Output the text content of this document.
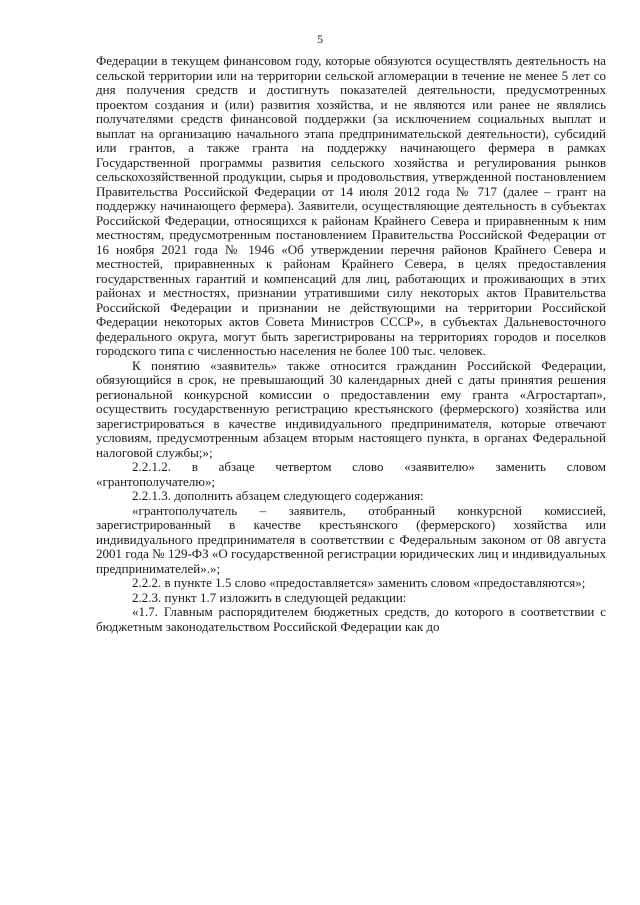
5

Федерации в текущем финансовом году, которые обязуются осуществлять деятельность на сельской территории или на территории сельской агломерации в течение не менее 5 лет со дня получения средств и достигнуть показателей деятельности, предусмотренных проектом создания и (или) развития хозяйства, и не являются или ранее не являлись получателями средств финансовой поддержки (за исключением социальных выплат и выплат на организацию начального этапа предпринимательской деятельности), субсидий или грантов, а также гранта на поддержку начинающего фермера в рамках Государственной программы развития сельского хозяйства и регулирования рынков сельскохозяйственной продукции, сырья и продовольствия, утвержденной постановлением Правительства Российской Федерации от 14 июля 2012 года № 717 (далее – грант на поддержку начинающего фермера). Заявители, осуществляющие деятельность в субъектах Российской Федерации, относящихся к районам Крайнего Севера и приравненным к ним местностям, предусмотренным постановлением Правительства Российской Федерации от 16 ноября 2021 года № 1946 «Об утверждении перечня районов Крайнего Севера и местностей, приравненных к районам Крайнего Севера, в целях предоставления государственных гарантий и компенсаций для лиц, работающих и проживающих в этих районах и местностях, признании утратившими силу некоторых актов Правительства Российской Федерации и признании не действующими на территории Российской Федерации некоторых актов Совета Министров СССР», в субъектах Дальневосточного федерального округа, могут быть зарегистрированы на территориях городов и поселков городского типа с численностью населения не более 100 тыс. человек.

К понятию «заявитель» также относится гражданин Российской Федерации, обязующийся в срок, не превышающий 30 календарных дней с даты принятия решения региональной конкурсной комиссии о предоставлении ему гранта «Агростартап», осуществить государственную регистрацию крестьянского (фермерского) хозяйства или зарегистрироваться в качестве индивидуального предпринимателя, которые отвечают условиям, предусмотренным абзацем вторым настоящего пункта, в органах Федеральной налоговой службы;»;

2.2.1.2. в абзаце четвертом слово «заявителю» заменить словом «грантополучателю»;

2.2.1.3. дополнить абзацем следующего содержания:

«грантополучатель – заявитель, отобранный конкурсной комиссией, зарегистрированный в качестве крестьянского (фермерского) хозяйства или индивидуального предпринимателя в соответствии с Федеральным законом от 08 августа 2001 года № 129-ФЗ «О государственной регистрации юридических лиц и индивидуальных предпринимателей».»;

2.2.2. в пункте 1.5 слово «предоставляется» заменить словом «предоставляются»;

2.2.3. пункт 1.7 изложить в следующей редакции:

«1.7. Главным распорядителем бюджетных средств, до которого в соответствии с бюджетным законодательством Российской Федерации как до
